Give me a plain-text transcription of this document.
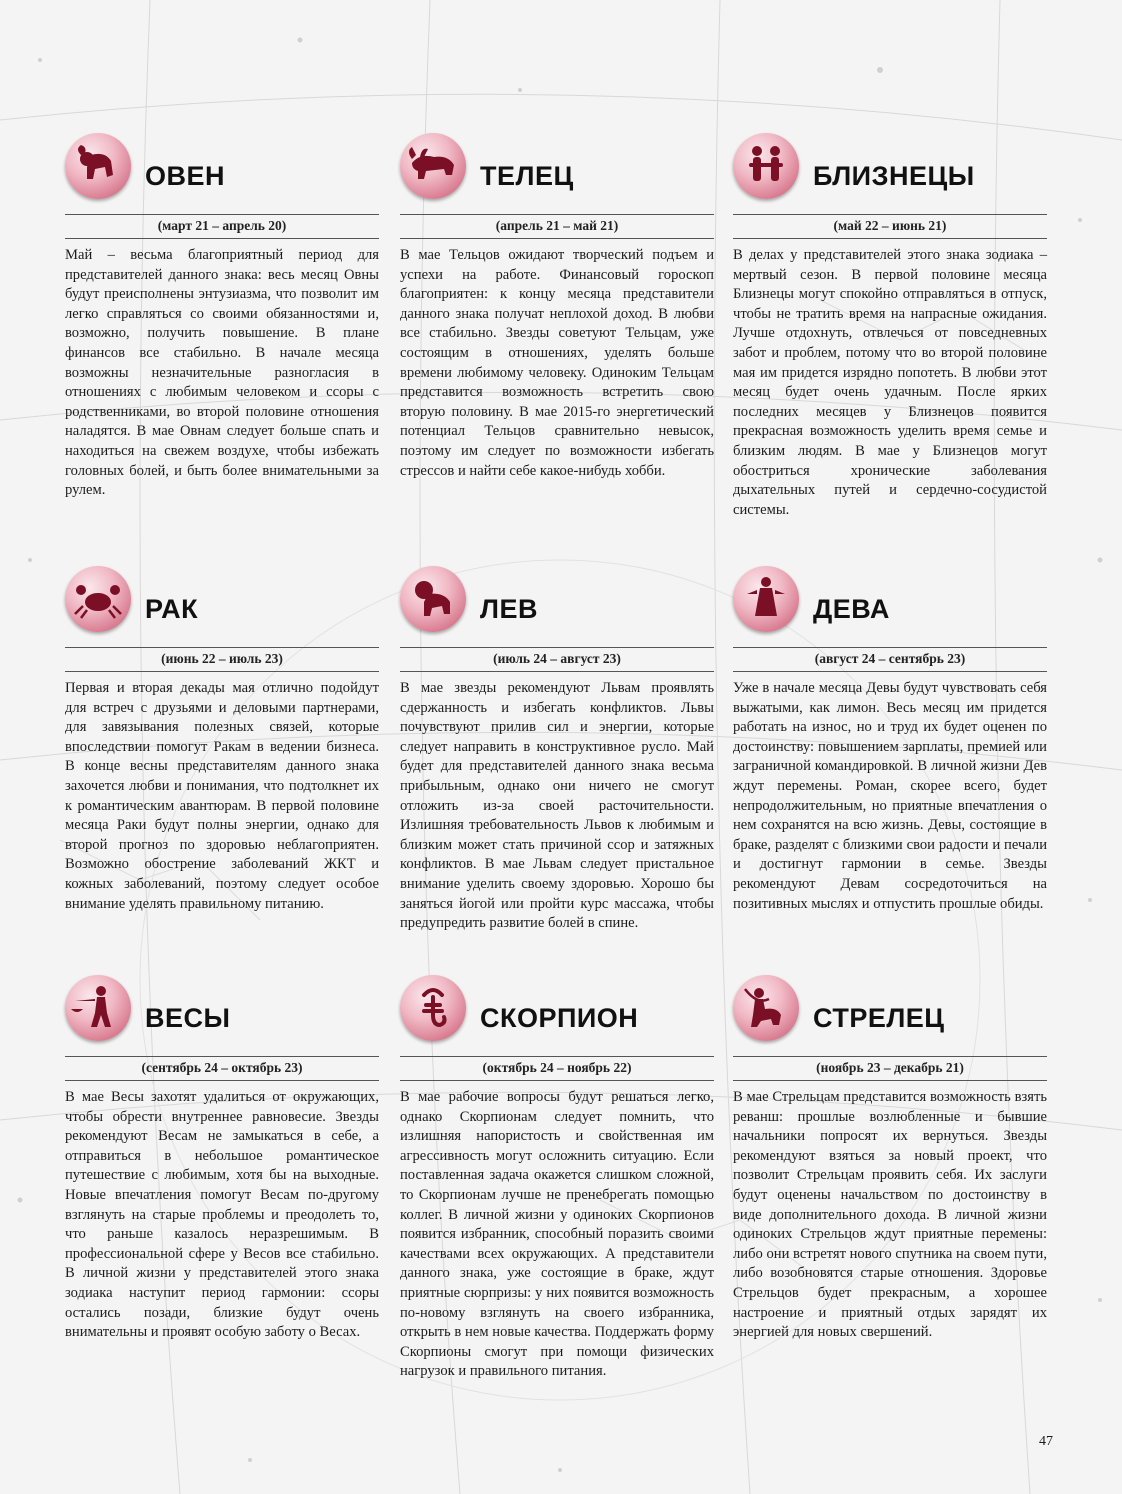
ОВЕН
(март 21 – апрель 20)

Май – весьма благоприятный период для представителей данного знака: весь месяц Овны будут преисполнены энтузиазма, что позволит им легко справляться со своими обязанностями и, возможно, получить повышение. В плане финансов все стабильно. В начале месяца возможны незначительные разногласия в отношениях с любимым человеком и ссоры с родственниками, во второй половине отношения наладятся. В мае Овнам следует больше спать и находиться на свежем воздухе, чтобы избежать головных болей, и быть более внимательными за рулем.

ТЕЛЕЦ
(апрель 21 – май 21)

В мае Тельцов ожидают творческий подъем и успехи на работе. Финансовый гороскоп благоприятен: к концу месяца представители данного знака получат неплохой доход. В любви все стабильно. Звезды советуют Тельцам, уже состоящим в отношениях, уделять больше времени любимому человеку. Одиноким Тельцам представится возможность встретить свою вторую половину. В мае 2015-го энергетический потенциал Тельцов сравнительно невысок, поэтому им следует по возможности избегать стрессов и найти себе какое-нибудь хобби.

БЛИЗНЕЦЫ
(май 22 – июнь 21)

В делах у представителей этого знака зодиака – мертвый сезон. В первой половине месяца Близнецы могут спокойно отправляться в отпуск, чтобы не тратить время на напрасные ожидания. Лучше отдохнуть, отвлечься от повседневных забот и проблем, потому что во второй половине мая им придется изрядно попотеть. В любви этот месяц будет очень удачным. После ярких последних месяцев у Близнецов появится прекрасная возможность уделить время семье и близким людям. В мае у Близнецов могут обостриться хронические заболевания дыхательных путей и сердечно-сосудистой системы.

РАК
(июнь 22 – июль 23)

Первая и вторая декады мая отлично подойдут для встреч с друзьями и деловыми партнерами, для завязывания полезных связей, которые впоследствии помогут Ракам в ведении бизнеса. В конце весны представителям данного знака захочется любви и понимания, что подтолкнет их к романтическим авантюрам. В первой половине месяца Раки будут полны энергии, однако для второй прогноз по здоровью неблагоприятен. Возможно обострение заболеваний ЖКТ и кожных заболеваний, поэтому следует особое внимание уделять правильному питанию.

ЛЕВ
(июль 24 – август 23)

В мае звезды рекомендуют Львам проявлять сдержанность и избегать конфликтов. Львы почувствуют прилив сил и энергии, которые следует направить в конструктивное русло. Май будет для представителей данного знака весьма прибыльным, однако они ничего не смогут отложить из-за своей расточительности. Излишняя требовательность Львов к любимым и близким может стать причиной ссор и затяжных конфликтов. В мае Львам следует пристальное внимание уделить своему здоровью. Хорошо бы заняться йогой или пройти курс массажа, чтобы предупредить развитие болей в спине.

ДЕВА
(август 24 – сентябрь 23)

Уже в начале месяца Девы будут чувствовать себя выжатыми, как лимон. Весь месяц им придется работать на износ, но и труд их будет оценен по достоинству: повышением зарплаты, премией или заграничной командировкой. В личной жизни Дев ждут перемены. Роман, скорее всего, будет непродолжительным, но приятные впечатления о нем сохранятся на всю жизнь. Девы, состоящие в браке, разделят с близкими свои радости и печали и достигнут гармонии в семье. Звезды рекомендуют Девам сосредоточиться на позитивных мыслях и отпустить прошлые обиды.

ВЕСЫ
(сентябрь 24 – октябрь 23)

В мае Весы захотят удалиться от окружающих, чтобы обрести внутреннее равновесие. Звезды рекомендуют Весам не замыкаться в себе, а отправиться в небольшое романтическое путешествие с любимым, хотя бы на выходные. Новые впечатления помогут Весам по-другому взглянуть на старые проблемы и преодолеть то, что раньше казалось неразрешимым. В профессиональной сфере у Весов все стабильно. В личной жизни у представителей этого знака зодиака наступит период гармонии: ссоры остались позади, близкие будут очень внимательны и проявят особую заботу о Весах.

СКОРПИОН
(октябрь 24 – ноябрь 22)

В мае рабочие вопросы будут решаться легко, однако Скорпионам следует помнить, что излишняя напористость и свойственная им агрессивность могут осложнить ситуацию. Если поставленная задача окажется слишком сложной, то Скорпионам лучше не пренебрегать помощью коллег. В личной жизни у одиноких Скорпионов появится избранник, способный поразить своими качествами всех окружающих. А представители данного знака, уже состоящие в браке, ждут приятные сюрпризы: у них появится возможность по-новому взглянуть на своего избранника, открыть в нем новые качества. Поддержать форму Скорпионы смогут при помощи физических нагрузок и правильного питания.

СТРЕЛЕЦ
(ноябрь 23 – декабрь 21)

В мае Стрельцам представится возможность взять реванш: прошлые возлюбленные и бывшие начальники попросят их вернуться. Звезды рекомендуют взяться за новый проект, что позволит Стрельцам проявить себя. Их заслуги будут оценены начальством по достоинству в виде дополнительного дохода. В личной жизни одиноких Стрельцов ждут приятные перемены: либо они встретят нового спутника на своем пути, либо возобновятся старые отношения. Здоровье Стрельцов будет прекрасным, а хорошее настроение и приятный отдых зарядят их энергией для новых свершений.

47
